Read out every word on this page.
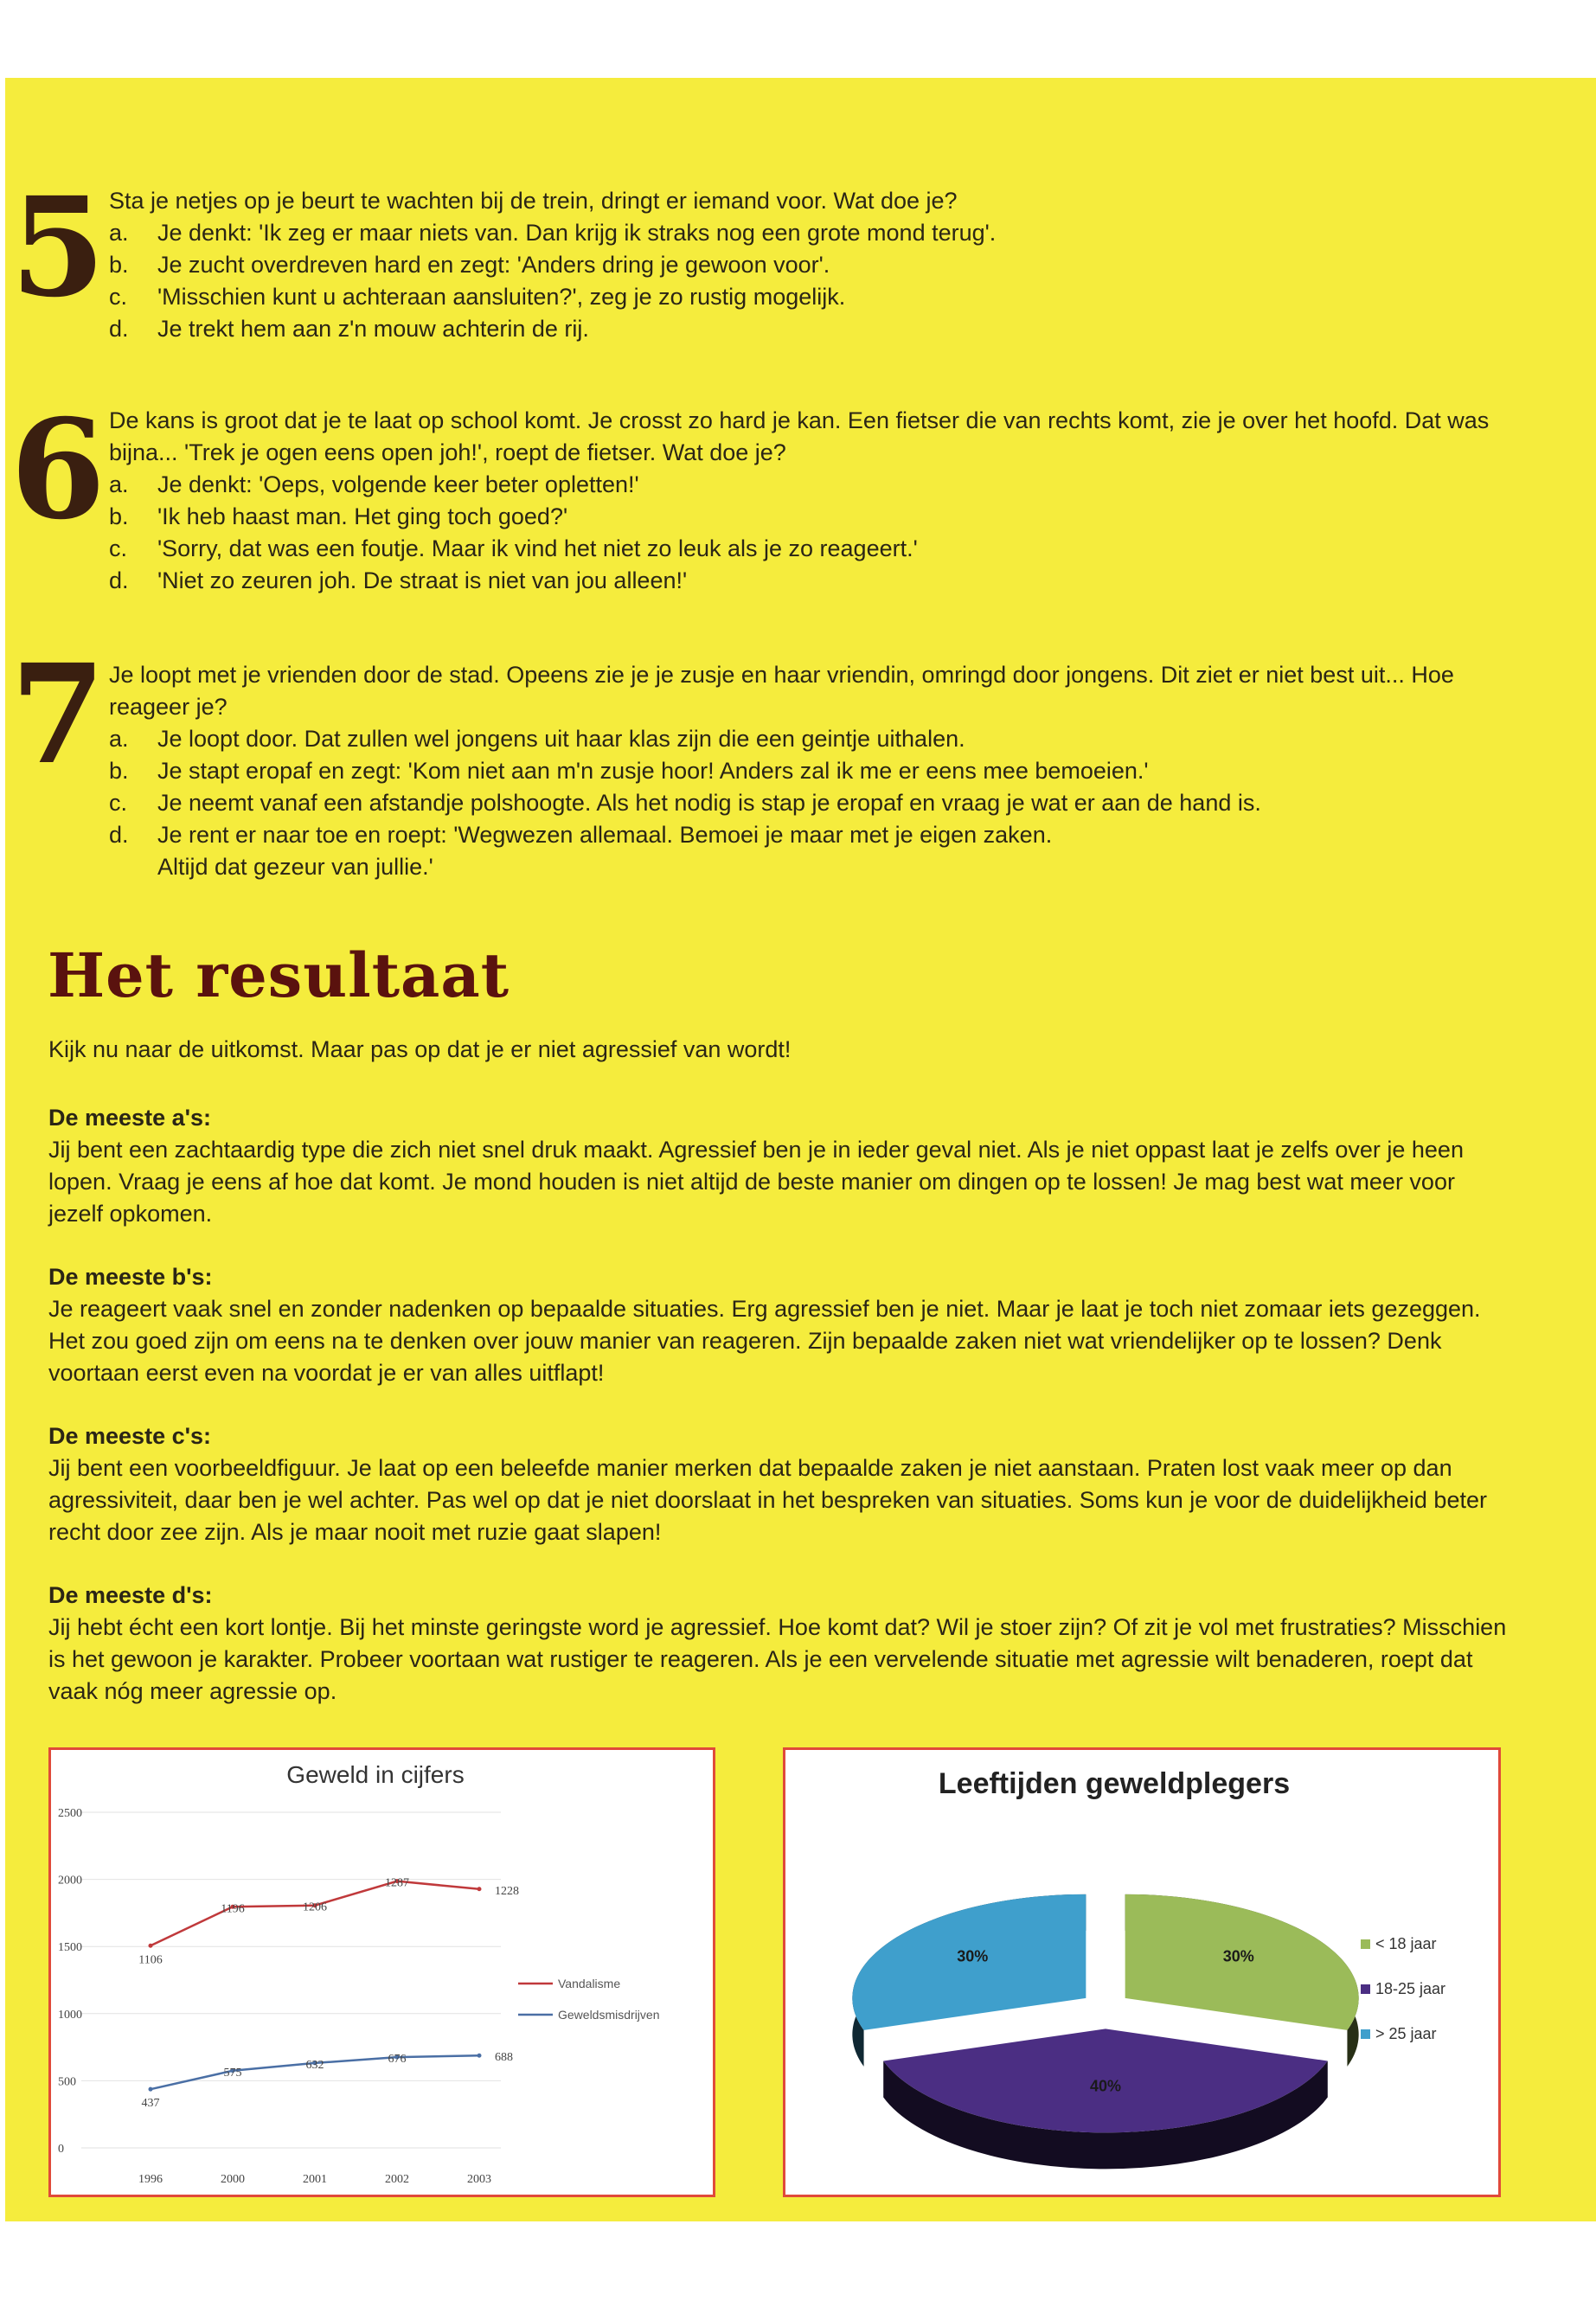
5 Sta je netjes op je beurt te wachten bij de trein, dringt er iemand voor. Wat doe je?

a.	Je denkt: 'Ik zeg er maar niets van. Dan krijg ik straks nog een grote mond terug'.
b.	Je zucht overdreven hard en zegt: 'Anders dring je gewoon voor'.
c.	'Misschien kunt u achteraan aansluiten?', zeg je zo rustig mogelijk.
d.	Je trekt hem aan z'n mouw achterin de rij.
6 De kans is groot dat je te laat op school komt. Je crosst zo hard je kan. Een fietser die van rechts komt, zie je over het hoofd. Dat was bijna... 'Trek je ogen eens open joh!', roept de fietser. Wat doe je?

a.	Je denkt: 'Oeps, volgende keer beter opletten!'
b.	'Ik heb haast man. Het ging toch goed?'
c.	'Sorry, dat was een foutje. Maar ik vind het niet zo leuk als je zo reageert.'
d.	'Niet zo zeuren joh. De straat is niet van jou alleen!'
7 Je loopt met je vrienden door de stad. Opeens zie je je zusje en haar vriendin, omringd door jongens. Dit ziet er niet best uit... Hoe reageer je?

a.	Je loopt door. Dat zullen wel jongens uit haar klas zijn die een geintje uithalen.
b.	Je stapt eropaf en zegt: 'Kom niet aan m'n zusje hoor! Anders zal ik me er eens mee bemoeien.'
c.	Je neemt vanaf een afstandje polshoogte. Als het nodig is stap je eropaf en vraag je wat er aan de hand is.
d.	Je rent er naar toe en roept: 'Wegwezen allemaal. Bemoei je maar met je eigen zaken.
Altijd dat gezeur van jullie.'
Het resultaat
Kijk nu naar de uitkomst. Maar pas op dat je er niet agressief van wordt!
De meeste a's:

Jij bent een zachtaardig type die zich niet snel druk maakt. Agressief ben je in ieder geval niet. Als je niet oppast laat je zelfs over je heen lopen. Vraag je eens af hoe dat komt. Je mond houden is niet altijd de beste manier om dingen op te lossen! Je mag best wat meer voor jezelf opkomen.

De meeste b's:

Je reageert vaak snel en zonder nadenken op bepaalde situaties. Erg agressief ben je niet. Maar je laat je toch niet zomaar iets gezeggen. Het zou goed zijn om eens na te denken over jouw manier van reageren. Zijn bepaalde zaken niet wat vriendelijker op te lossen? Denk voortaan eerst even na voordat je er van alles uitflapt!

De meeste c's:

Jij bent een voorbeeldfiguur. Je laat op een beleefde manier merken dat bepaalde zaken je niet aanstaan. Praten lost vaak meer op dan agressiviteit, daar ben je wel achter. Pas wel op dat je niet doorslaat in het bespreken van situaties. Soms kun je voor de duidelijkheid beter recht door zee zijn. Als je maar nooit met ruzie gaat slapen!

De meeste d's:

Jij hebt écht een kort lontje. Bij het minste geringste word je agressief. Hoe komt dat? Wil je stoer zijn? Of zit je vol met frustraties? Misschien is het gewoon je karakter. Probeer voortaan wat rustiger te reageren. Als je een vervelende situatie met agressie wilt benaderen, roept dat vaak nóg meer agressie op.

Geweld in cijfers
0
500
1000
1500
2000
2500
1996	2000	2001	2002	2003
1106
1196	1206
1287
1228
Vandalisme
437
575
632	676	688
Geweldsmisdrijven
Leeftijden geweldplegers
30%
40%
30%
< 18 jaar
18-25 jaar
> 25 jaar
